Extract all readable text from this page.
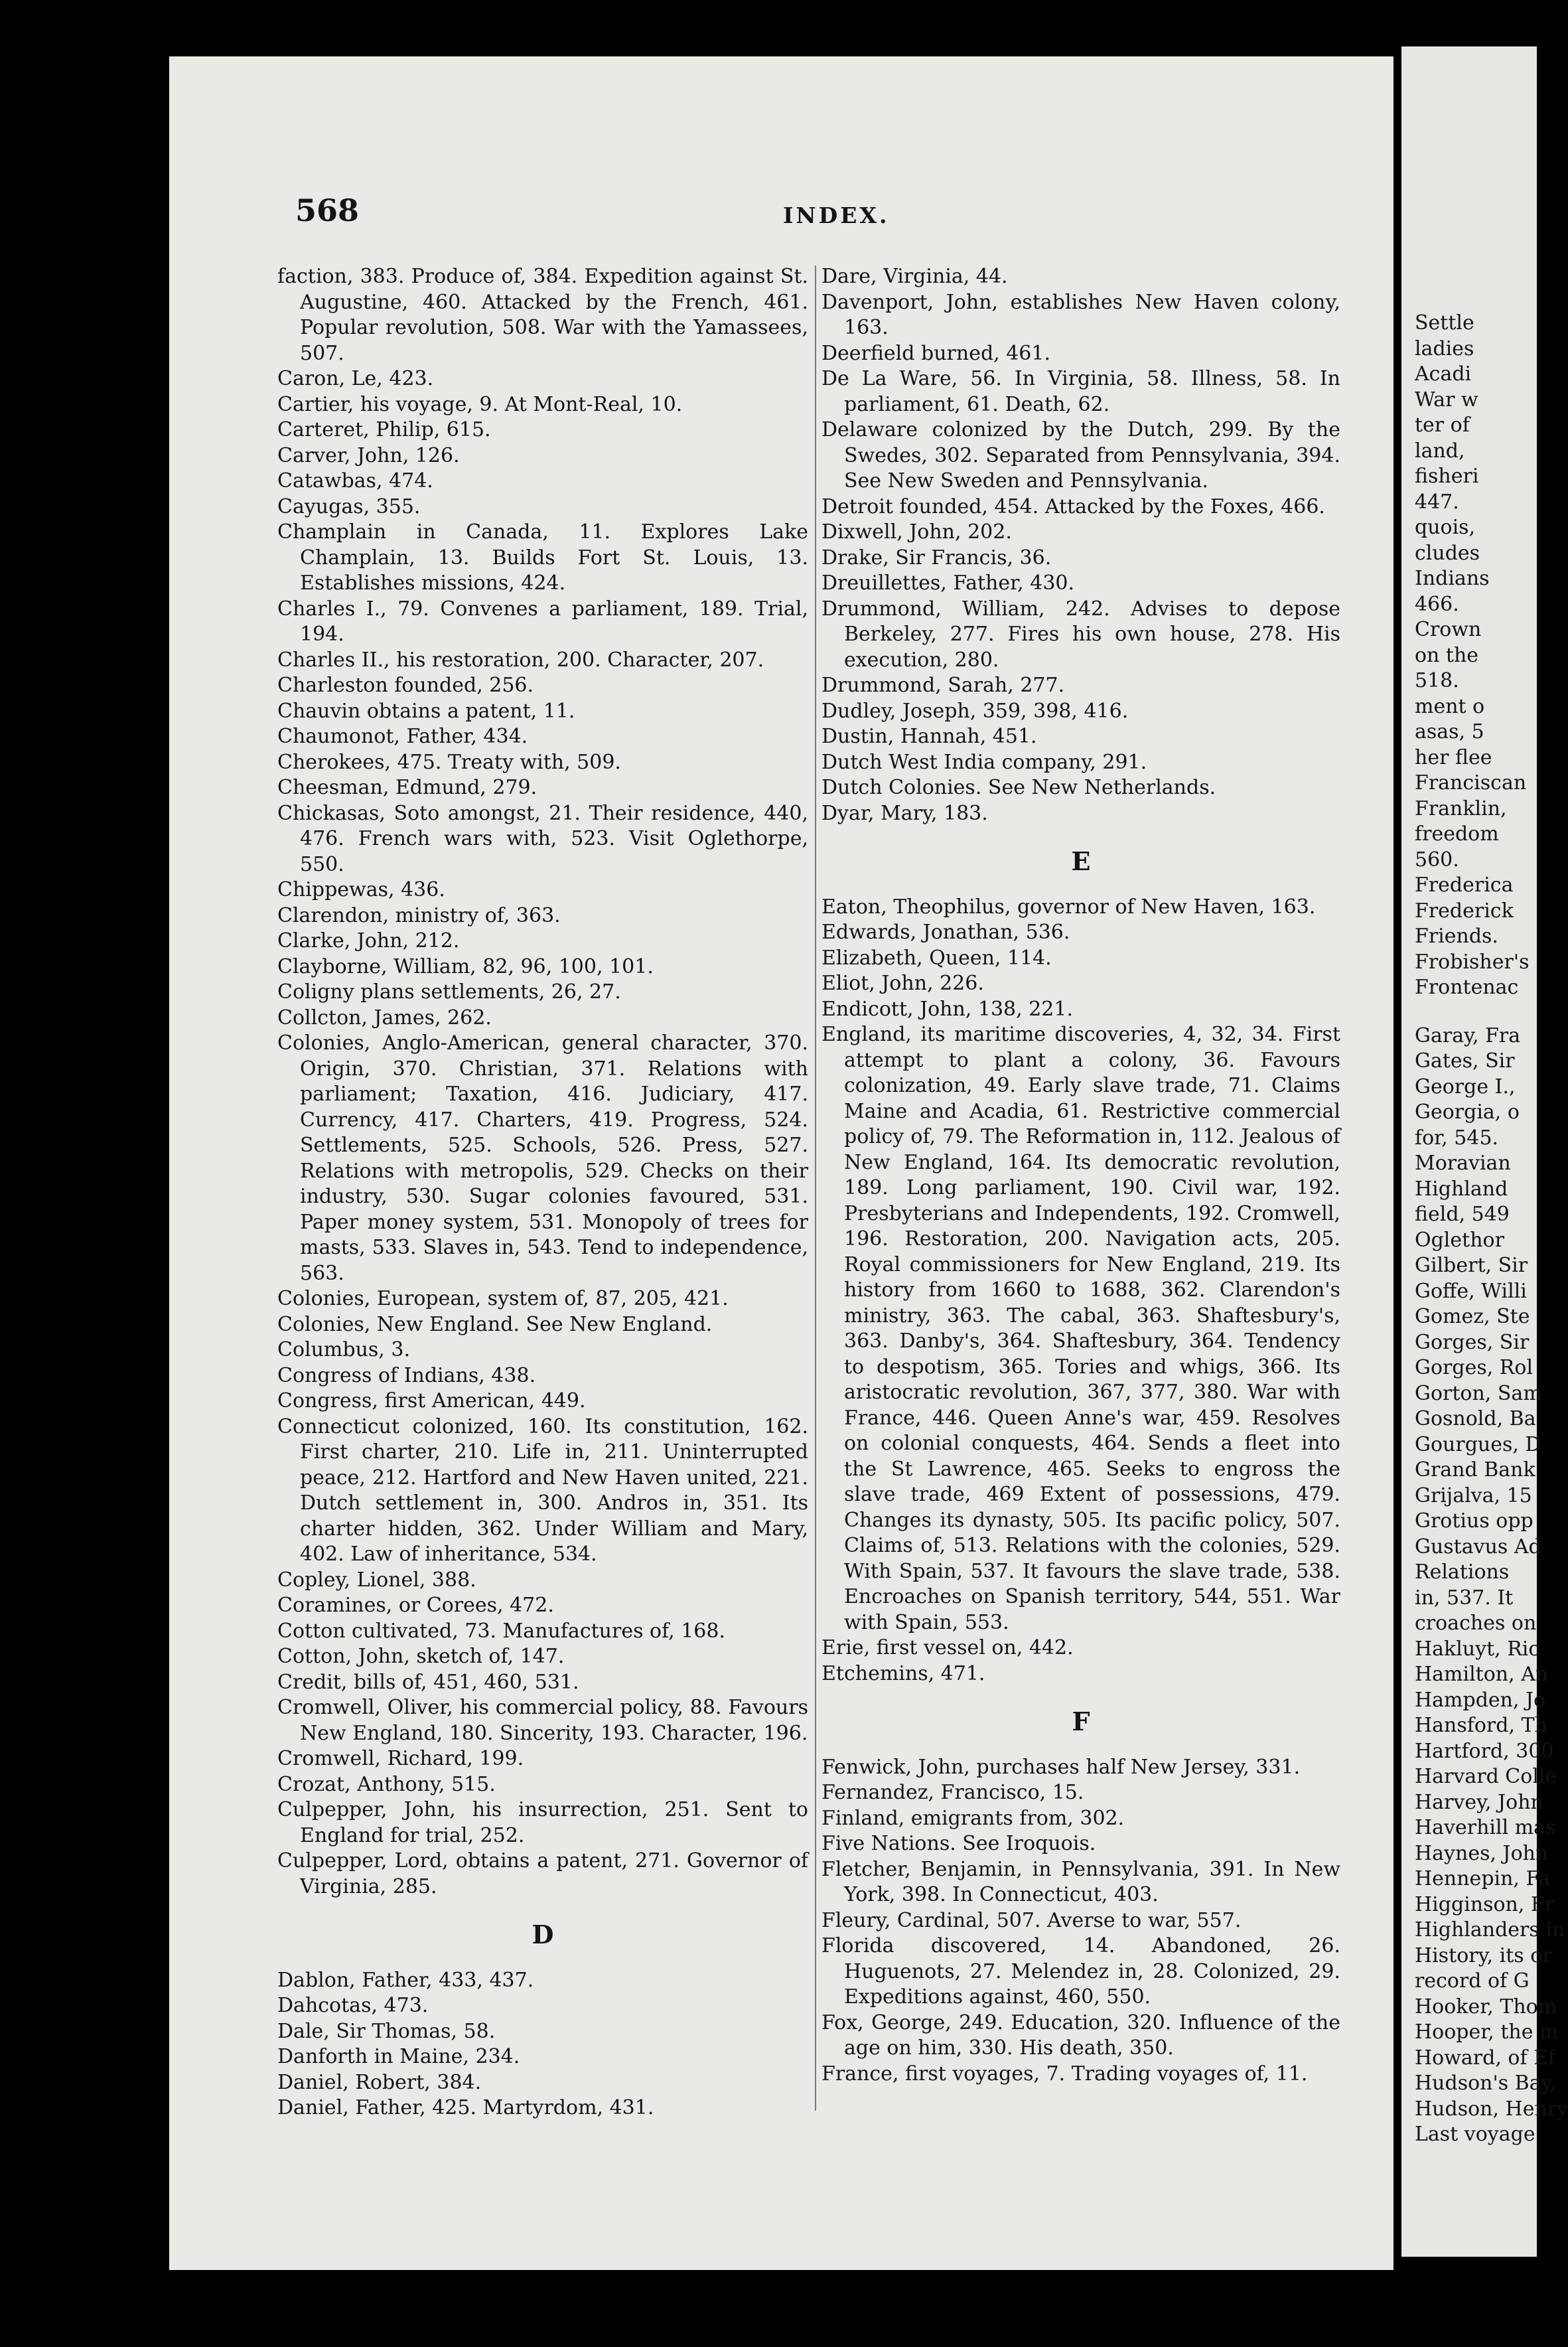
Settle

ladies

Acadi

War w

ter of

land,

fisheri

447.

quois,

cludes

Indians

466.

Crown

on the

518.

ment o

asas, 5

her flee

Franciscan

Franklin,

freedom

560.

Frederica

Frederick

Friends.

Frobisher's

Frontenac

Garay, Fra

Gates, Sir

George I.,

Georgia, o

for, 545.

Moravian

Highland

field, 549

Oglethor

Gilbert, Sir

Goffe, Willi

Gomez, Ste

Gorges, Sir

Gorges, Rol

Gorton, Sam

Gosnold, Ba

Gourgues, D

Grand Bank

Grijalva, 15

Grotius opp

Gustavus Ad

Relations

in, 537. It

croaches on

Hakluyt, Ric

Hamilton, An

Hampden, Jo

Hansford, Th

Hartford, 300

Harvard Colle

Harvey, John

Haverhill mas

Haynes, John

Hennepin, Fa

Higginson, Fr

Highlanders in

History, its or

record of G

Hooker, Thom

Hooper, the m

Howard, of Ef

Hudson's Bay,

Hudson, Henry

Last voyage

568	INDEX.

faction, 383. Produce of, 384. Expedition against St. Augustine, 460. Attacked by the French, 461. Popular revolution, 508. War with the Yamassees, 507.

Caron, Le, 423.

Cartier, his voyage, 9. At Mont-Real, 10.

Carteret, Philip, 615.

Carver, John, 126.

Catawbas, 474.

Cayugas, 355.

Champlain in Canada, 11. Explores Lake Champlain, 13. Builds Fort St. Louis, 13. Establishes missions, 424.

Charles I., 79. Convenes a parliament, 189. Trial, 194.

Charles II., his restoration, 200. Character, 207.

Charleston founded, 256.

Chauvin obtains a patent, 11.

Chaumonot, Father, 434.

Cherokees, 475. Treaty with, 509.

Cheesman, Edmund, 279.

Chickasas, Soto amongst, 21. Their residence, 440, 476. French wars with, 523. Visit Oglethorpe, 550.

Chippewas, 436.

Clarendon, ministry of, 363.

Clarke, John, 212.

Clayborne, William, 82, 96, 100, 101.

Coligny plans settlements, 26, 27.

Collcton, James, 262.

Colonies, Anglo-American, general character, 370. Origin, 370. Christian, 371. Relations with parliament; Taxation, 416. Judiciary, 417. Currency, 417. Charters, 419. Progress, 524. Settlements, 525. Schools, 526. Press, 527. Relations with metropolis, 529. Checks on their industry, 530. Sugar colonies favoured, 531. Paper money system, 531. Monopoly of trees for masts, 533. Slaves in, 543. Tend to independence, 563.

Colonies, European, system of, 87, 205, 421.

Colonies, New England. See New England.

Columbus, 3.

Congress of Indians, 438.

Congress, first American, 449.

Connecticut colonized, 160. Its constitution, 162. First charter, 210. Life in, 211. Uninterrupted peace, 212. Hartford and New Haven united, 221. Dutch settlement in, 300. Andros in, 351. Its charter hidden, 362. Under William and Mary, 402. Law of inheritance, 534.

Copley, Lionel, 388.

Coramines, or Corees, 472.

Cotton cultivated, 73. Manufactures of, 168.

Cotton, John, sketch of, 147.

Credit, bills of, 451, 460, 531.

Cromwell, Oliver, his commercial policy, 88. Favours New England, 180. Sincerity, 193. Character, 196.

Cromwell, Richard, 199.

Crozat, Anthony, 515.

Culpepper, John, his insurrection, 251. Sent to England for trial, 252.

Culpepper, Lord, obtains a patent, 271. Governor of Virginia, 285.

D

Dablon, Father, 433, 437.

Dahcotas, 473.

Dale, Sir Thomas, 58.

Danforth in Maine, 234.

Daniel, Robert, 384.

Daniel, Father, 425. Martyrdom, 431.

Dare, Virginia, 44.

Davenport, John, establishes New Haven colony, 163.

Deerfield burned, 461.

De La Ware, 56. In Virginia, 58. Illness, 58. In parliament, 61. Death, 62.

Delaware colonized by the Dutch, 299. By the Swedes, 302. Separated from Pennsylvania, 394. See New Sweden and Pennsylvania.

Detroit founded, 454. Attacked by the Foxes, 466.

Dixwell, John, 202.

Drake, Sir Francis, 36.

Dreuillettes, Father, 430.

Drummond, William, 242. Advises to depose Berkeley, 277. Fires his own house, 278. His execution, 280.

Drummond, Sarah, 277.

Dudley, Joseph, 359, 398, 416.

Dustin, Hannah, 451.

Dutch West India company, 291.

Dutch Colonies. See New Netherlands.

Dyar, Mary, 183.

E

Eaton, Theophilus, governor of New Haven, 163.

Edwards, Jonathan, 536.

Elizabeth, Queen, 114.

Eliot, John, 226.

Endicott, John, 138, 221.

England, its maritime discoveries, 4, 32, 34. First attempt to plant a colony, 36. Favours colonization, 49. Early slave trade, 71. Claims Maine and Acadia, 61. Restrictive commercial policy of, 79. The Reformation in, 112. Jealous of New England, 164. Its democratic revolution, 189. Long parliament, 190. Civil war, 192. Presbyterians and Independents, 192. Cromwell, 196. Restoration, 200. Navigation acts, 205. Royal commissioners for New England, 219. Its history from 1660 to 1688, 362. Clarendon's ministry, 363. The cabal, 363. Shaftesbury's, 363. Danby's, 364. Shaftesbury, 364. Tendency to despotism, 365. Tories and whigs, 366. Its aristocratic revolution, 367, 377, 380. War with France, 446. Queen Anne's war, 459. Resolves on colonial conquests, 464. Sends a fleet into the St Lawrence, 465. Seeks to engross the slave trade, 469 Extent of possessions, 479. Changes its dynasty, 505. Its pacific policy, 507. Claims of, 513. Relations with the colonies, 529. With Spain, 537. It favours the slave trade, 538. Encroaches on Spanish territory, 544, 551. War with Spain, 553.

Erie, first vessel on, 442.

Etchemins, 471.

F

Fenwick, John, purchases half New Jersey, 331.

Fernandez, Francisco, 15.

Finland, emigrants from, 302.

Five Nations. See Iroquois.

Fletcher, Benjamin, in Pennsylvania, 391. In New York, 398. In Connecticut, 403.

Fleury, Cardinal, 507. Averse to war, 557.

Florida discovered, 14. Abandoned, 26. Huguenots, 27. Melendez in, 28. Colonized, 29. Expeditions against, 460, 550.

Fox, George, 249. Education, 320. Influence of the age on him, 330. His death, 350.

France, first voyages, 7. Trading voyages of, 11.
